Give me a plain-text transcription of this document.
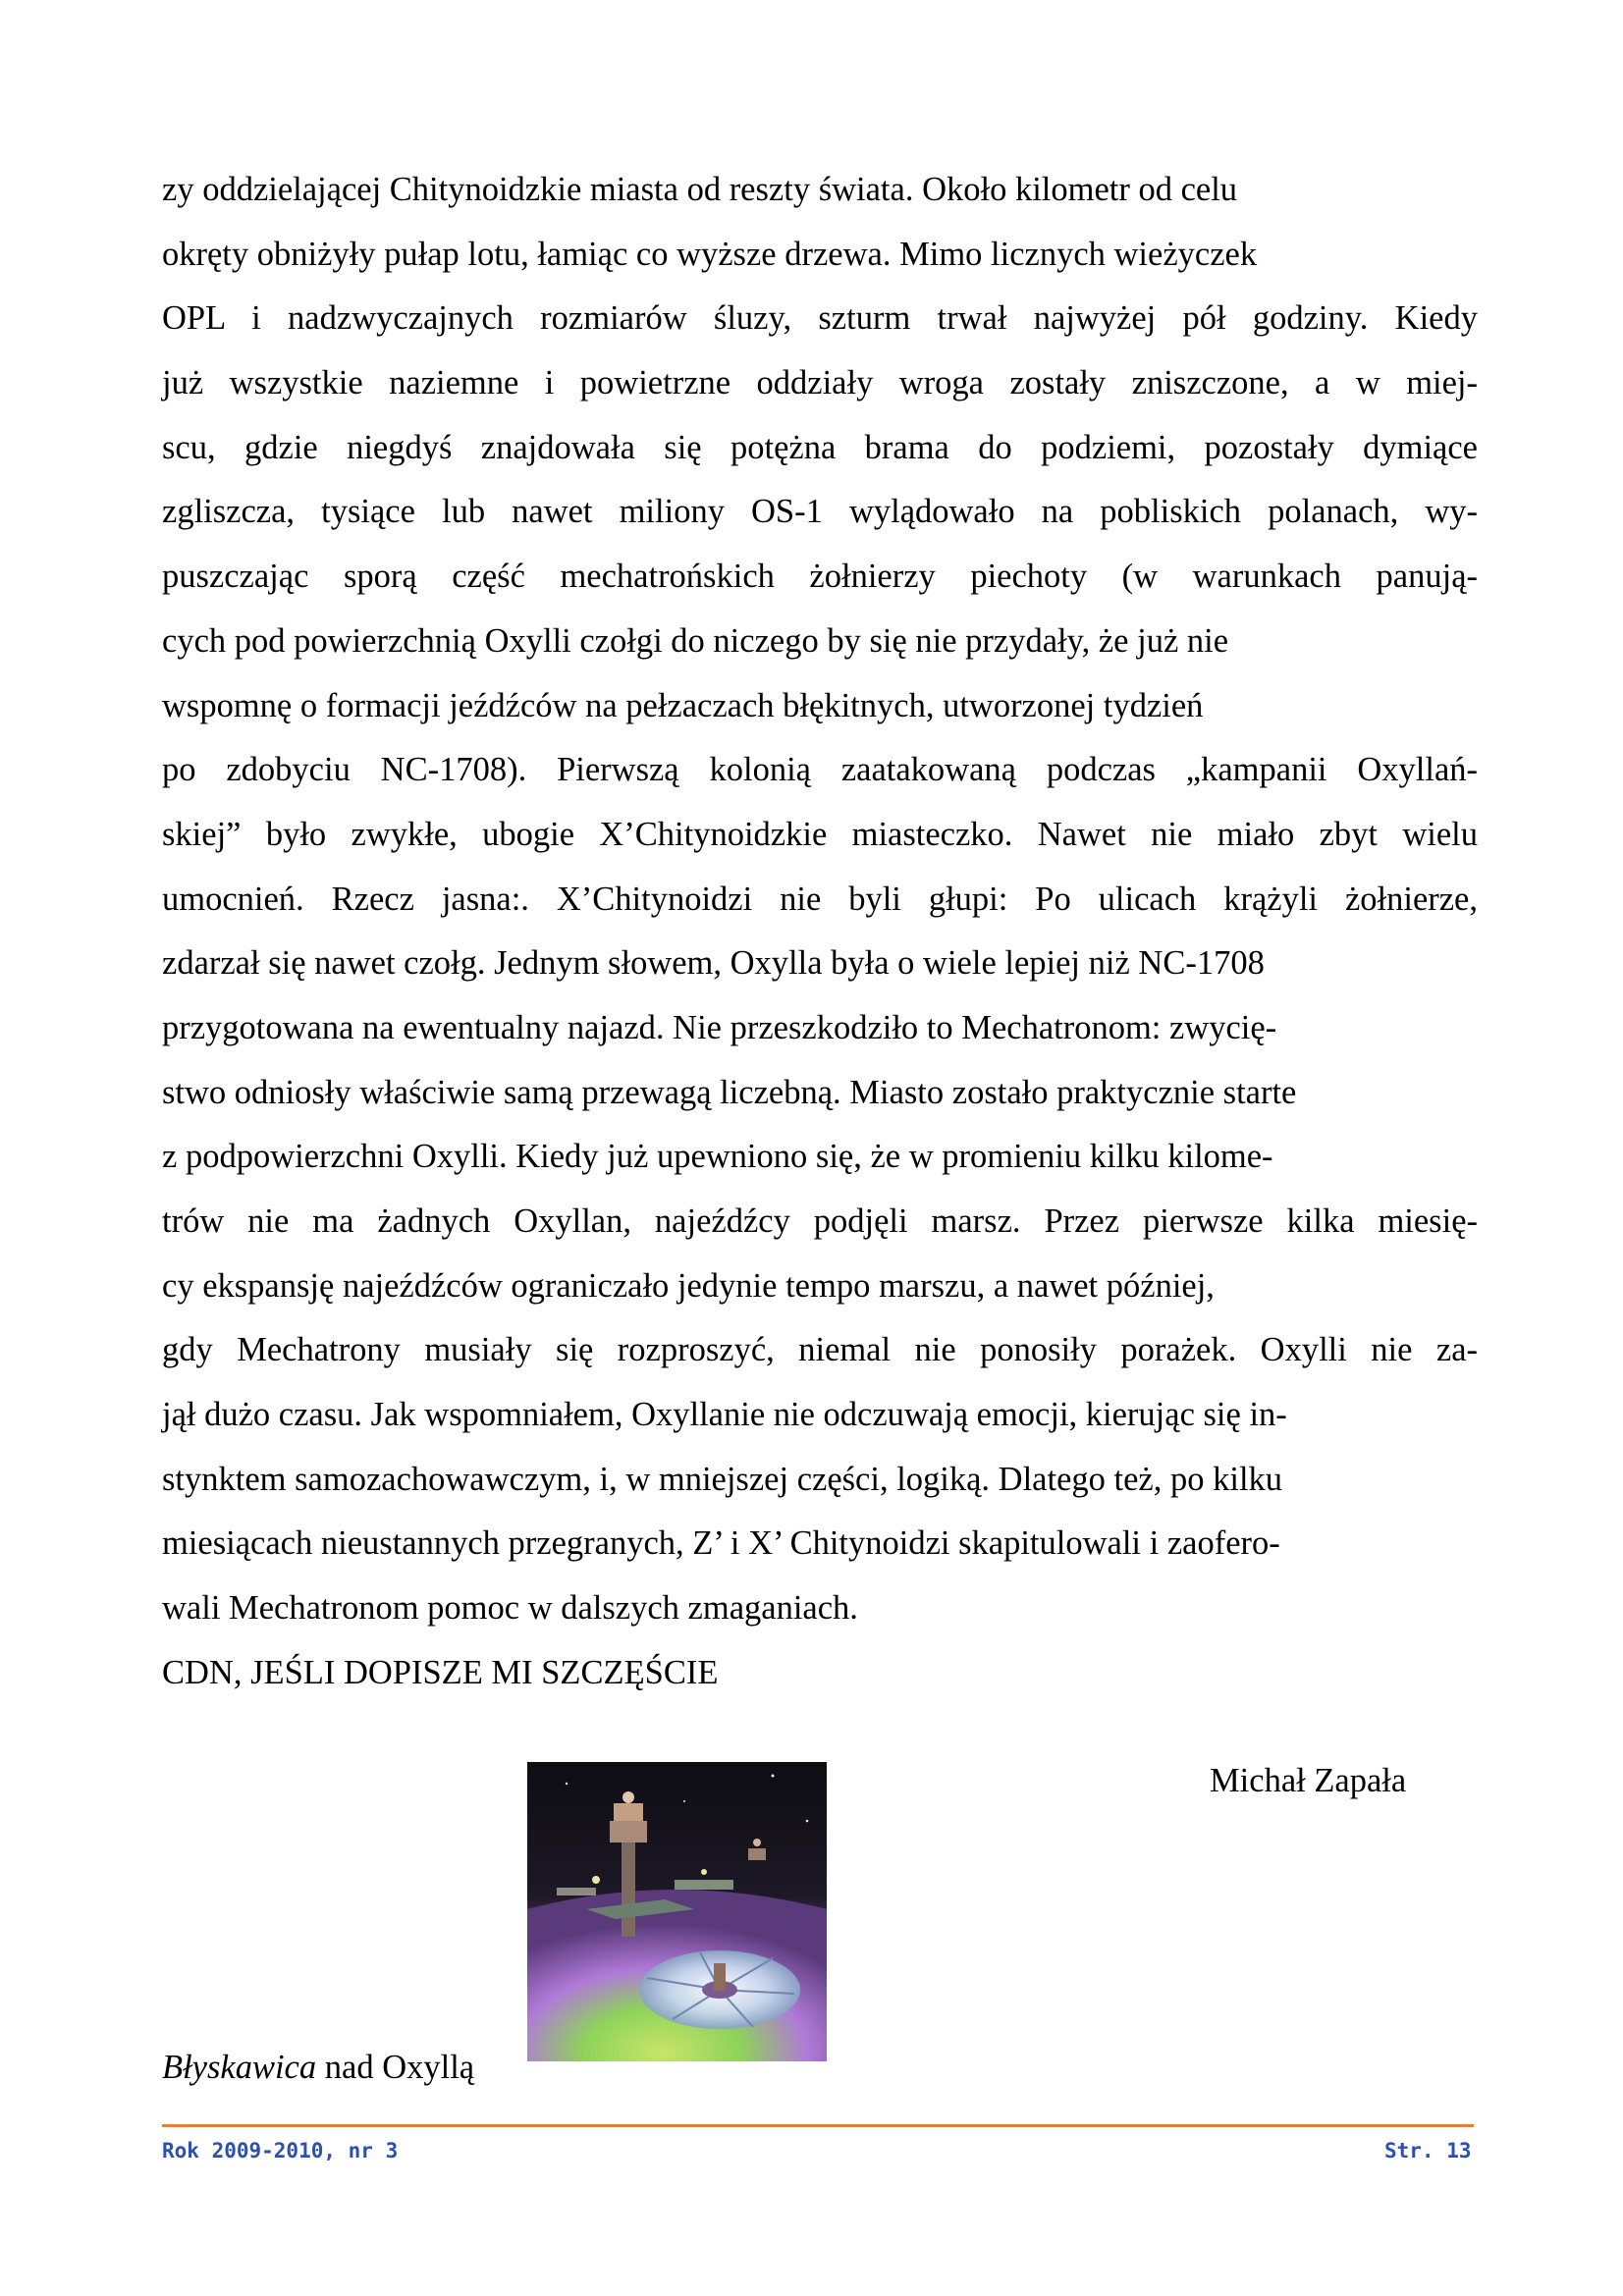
zy oddzielającej Chitynoidzkie miasta od reszty świata. Około kilometr od celu
okręty obniżyły pułap lotu, łamiąc co wyższe drzewa. Mimo licznych wieżyczek
OPL i nadzwyczajnych rozmiarów śluzy, szturm trwał najwyżej pół godziny. Kiedy
już wszystkie naziemne i powietrzne oddziały wroga zostały zniszczone, a w miej-
scu, gdzie niegdyś znajdowała się potężna brama do podziemi, pozostały dymiące
zgliszcza, tysiące lub nawet miliony OS-1 wylądowało na pobliskich polanach, wy-
puszczając sporą część mechatrońskich żołnierzy piechoty (w warunkach panują-
cych pod powierzchnią Oxylli czołgi do niczego by się nie przydały, że już nie
wspomnę o formacji jeźdźców na pełzaczach błękitnych, utworzonej tydzień
po zdobyciu NC-1708). Pierwszą kolonią zaatakowaną podczas „kampanii Oxyllań-
skiej” było zwykłe, ubogie X’Chitynoidzkie miasteczko. Nawet nie miało zbyt wielu
umocnień. Rzecz jasna:. X’Chitynoidzi nie byli głupi: Po ulicach krążyli żołnierze,
zdarzał się nawet czołg. Jednym słowem, Oxylla była o wiele lepiej niż NC-1708
przygotowana na ewentualny najazd. Nie przeszkodziło to Mechatronom: zwycię-
stwo odniosły właściwie samą przewagą liczebną. Miasto zostało praktycznie starte
z podpowierzchni Oxylli. Kiedy już upewniono się, że w promieniu kilku kilome-
trów nie ma żadnych Oxyllan, najeźdźcy podjęli marsz. Przez pierwsze kilka miesię-
cy ekspansję najeźdźców ograniczało jedynie tempo marszu, a nawet później,
gdy Mechatrony musiały się rozproszyć, niemal nie ponosiły porażek. Oxylli nie za-
jął dużo czasu. Jak wspomniałem, Oxyllanie nie odczuwają emocji, kierując się in-
stynktem samozachowawczym, i, w mniejszej części, logiką. Dlatego też, po kilku
miesiącach nieustannych przegranych, Z’ i X’ Chitynoidzi skapitulowali i zaofero-
wali Mechatronom pomoc w dalszych zmaganiach.
CDN, JEŚLI DOPISZE MI SZCZĘŚCIE
Michał Zapała
Błyskawica nad Oxyllą
Rok 2009-2010, nr 3	Str. 13
